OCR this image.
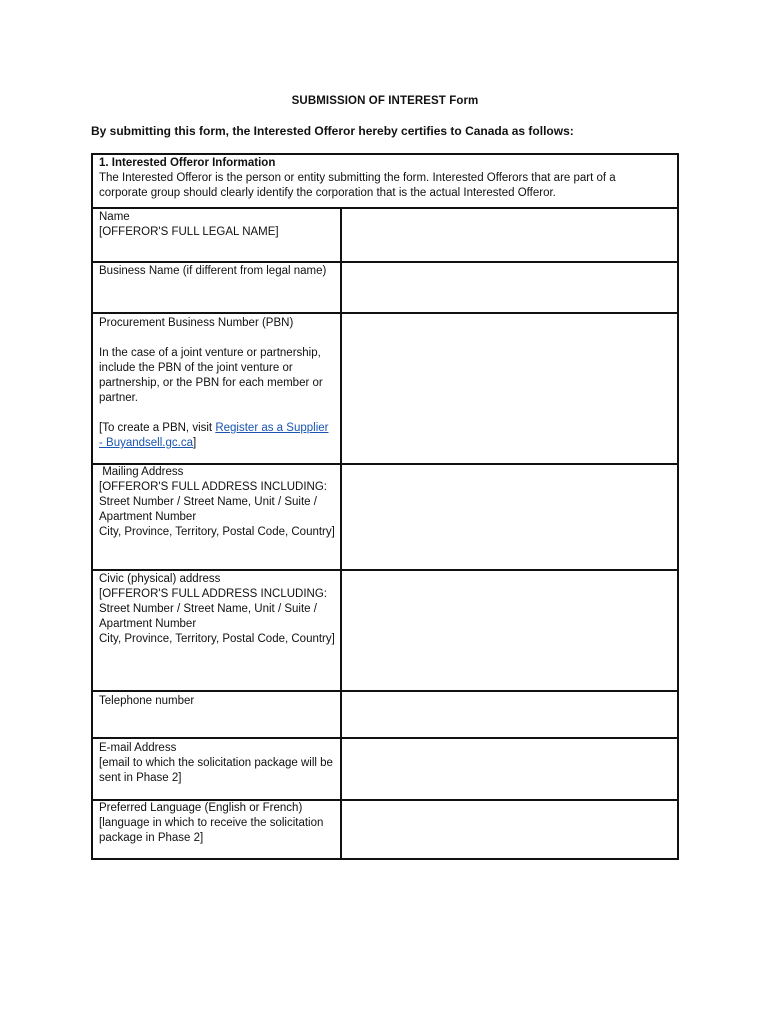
SUBMISSION OF INTEREST Form
By submitting this form, the Interested Offeror hereby certifies to Canada as follows:
1. Interested Offeror Information
The Interested Offeror is the person or entity submitting the form. Interested Offerors that are part of a
corporate group should clearly identify the corporation that is the actual Interested Offeror.

Name

[OFFEROR'S FULL LEGAL NAME]

Business Name (if different from legal name)

Procurement Business Number (PBN)

In the case of a joint venture or partnership, include the PBN of the joint venture or partnership, or the PBN for each member or partner.

[To create a PBN, visit Register as a Supplier - Buyandsell.gc.ca]

Mailing Address

[OFFEROR'S FULL ADDRESS INCLUDING:

Street Number / Street Name, Unit / Suite / Apartment Number

City, Province, Territory, Postal Code, Country]

Civic (physical) address

[OFFEROR'S FULL ADDRESS INCLUDING:

Street Number / Street Name, Unit / Suite / Apartment Number

City, Province, Territory, Postal Code, Country]

Telephone number

E-mail Address

[email to which the solicitation package will be sent in Phase 2]

Preferred Language (English or French)

[language in which to receive the solicitation package in Phase 2]
